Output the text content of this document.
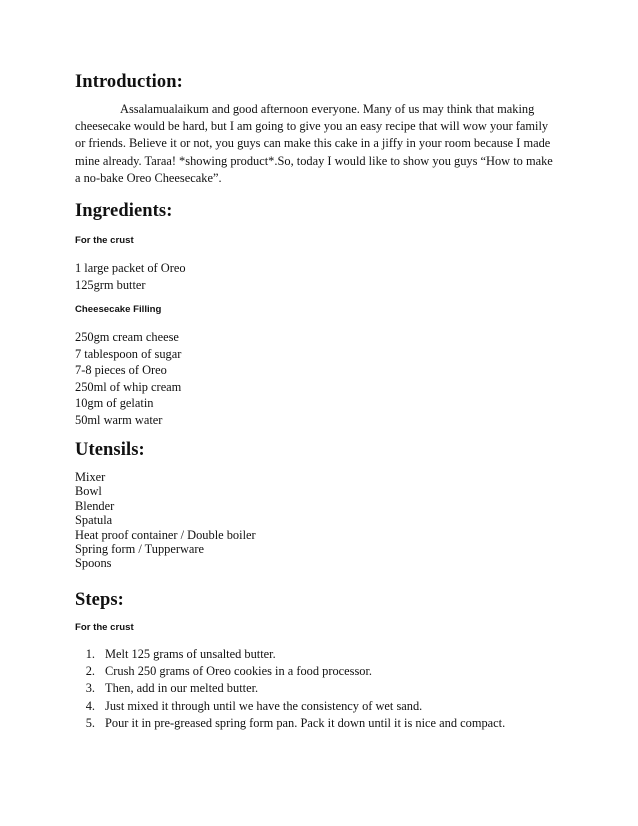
Introduction:

Assalamualaikum and good afternoon everyone. Many of us may think that making
cheesecake would be hard, but I am going to give you an easy recipe that will wow your family
or friends. Believe it or not, you guys can make this cake in a jiffy in your room because I made
mine already. Taraa! *showing product*.So, today I would like to show you guys “How to make
a no-bake Oreo Cheesecake”.

Ingredients:

For the crust

1 large packet of Oreo
125grm butter

Cheesecake Filling

250gm cream cheese
7 tablespoon of sugar
7-8 pieces of Oreo
250ml of whip cream
10gm of gelatin
50ml warm water
Utensils:
Mixer
Bowl
Blender
Spatula
Heat proof container / Double boiler
Spring form / Tupperware
Spoons
Steps:

For the crust

1. Melt 125 grams of unsalted butter.
2. Crush 250 grams of Oreo cookies in a food processor.
3. Then, add in our melted butter.
4. Just mixed it through until we have the consistency of wet sand.
5. Pour it in pre-greased spring form pan. Pack it down until it is nice and compact.
